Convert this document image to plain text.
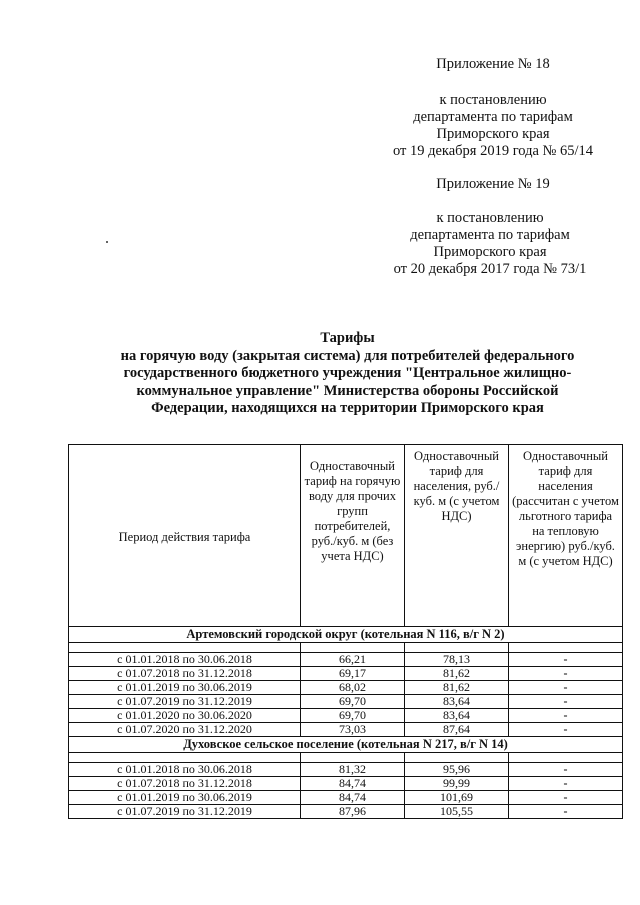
Приложение № 18
к постановлению
департамента по тарифам
Приморского края
от 19 декабря 2019 года № 65/14
Приложение № 19
к постановлению
департамента по тарифам
Приморского края
от 20 декабря 2017 года № 73/1
Тарифы
на горячую воду (закрытая система) для потребителей федерального
государственного бюджетного учреждения "Центральное жилищно-
коммунальное управление" Министерства обороны Российской
Федерации, находящихся на территории Приморского края
Период действия тарифа	Одноставочный тариф на горячую воду для прочих групп потребителей, руб./куб. м (без учета НДС)	Одноставочный тариф для населения, руб./куб. м (с учетом НДС)	Одноставочный тариф для населения (рассчитан с учетом льготного тарифа на тепловую энергию) руб./куб. м (с учетом НДС)
Артемовский городской округ (котельная N 116, в/г N 2)			

с 01.01.2018 по 30.06.2018	66,21	78,13	-
с 01.07.2018 по 31.12.2018	69,17	81,62	-
с 01.01.2019 по 30.06.2019	68,02	81,62	-
с 01.07.2019 по 31.12.2019	69,70	83,64	-
с 01.01.2020 по 30.06.2020	69,70	83,64	-
с 01.07.2020 по 31.12.2020	73,03	87,64	-
Духовское сельское поселение (котельная N 217, в/г N 14)			

с 01.01.2018 по 30.06.2018	81,32	95,96	-
с 01.07.2018 по 31.12.2018	84,74	99,99	-
с 01.01.2019 по 30.06.2019	84,74	101,69	-
с 01.07.2019 по 31.12.2019	87,96	105,55	-
